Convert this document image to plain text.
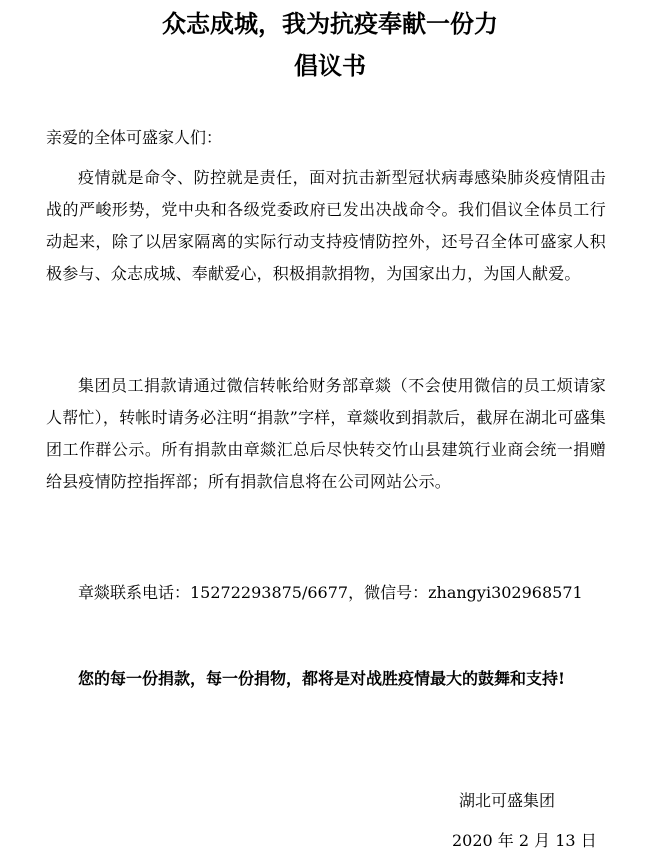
众志成城，我为抗疫奉献一份力
倡议书

亲爱的全体可盛家人们：

疫情就是命令、防控就是责任，面对抗击新型冠状病毒感染肺炎疫情阻击战的严峻形势，党中央和各级党委政府已发出决战命令。我们倡议全体员工行动起来，除了以居家隔离的实际行动支持疫情防控外，还号召全体可盛家人积极参与、众志成城、奉献爱心，积极捐款捐物，为国家出力，为国人献爱。

集团员工捐款请通过微信转帐给财务部章燚（不会使用微信的员工烦请家人帮忙），转帐时请务必注明“捐款”字样，章燚收到捐款后，截屏在湖北可盛集团工作群公示。所有捐款由章燚汇总后尽快转交竹山县建筑行业商会统一捐赠给县疫情防控指挥部；所有捐款信息将在公司网站公示。

章燚联系电话：15272293875/6677，微信号：zhangyi302968571

您的每一份捐款，每一份捐物，都将是对战胜疫情最大的鼓舞和支持!

湖北可盛集团

2020 年 2 月 13 日
